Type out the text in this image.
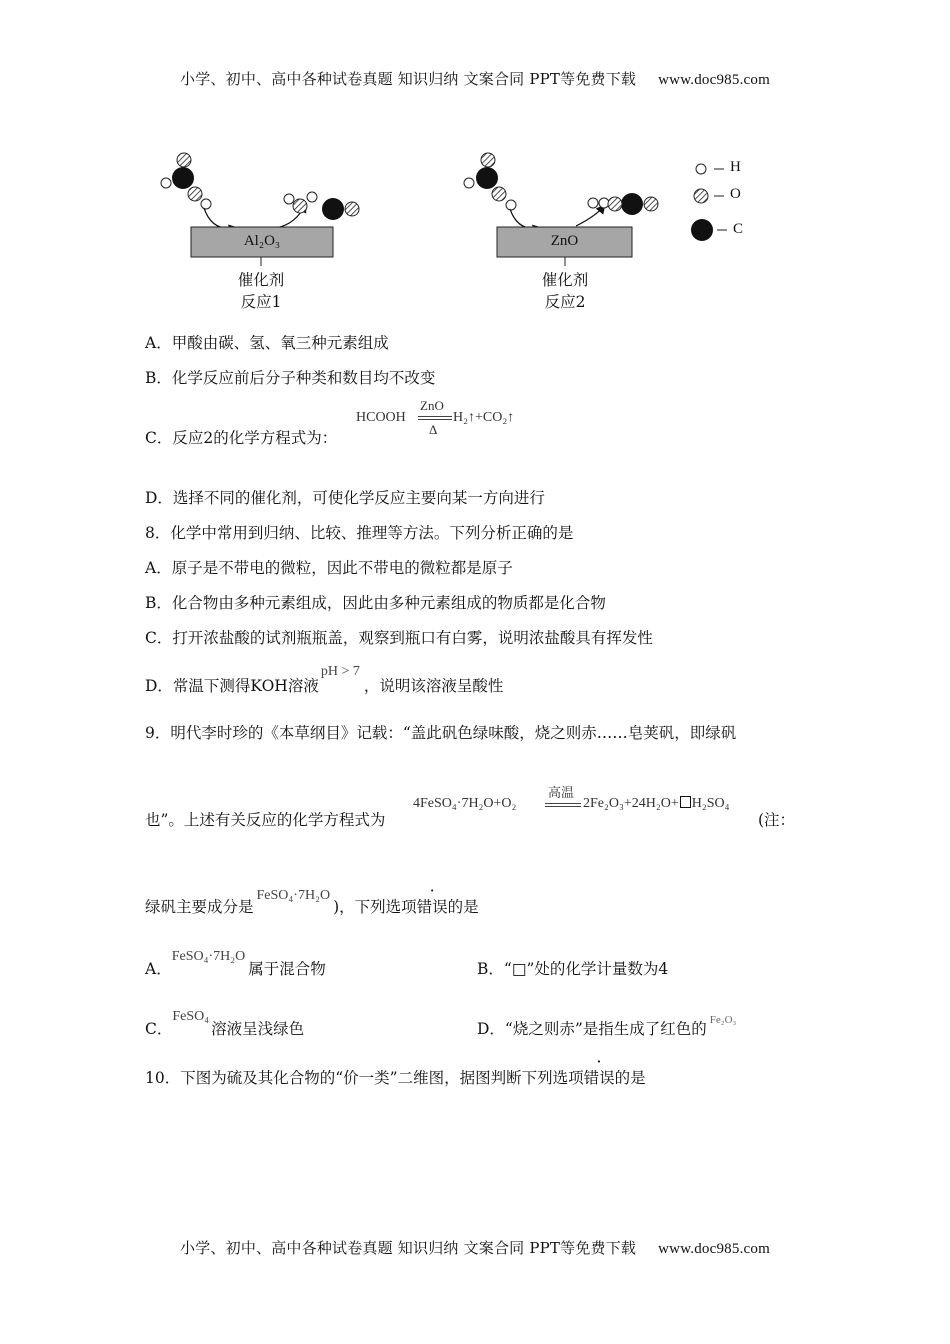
小学、初中、高中各种试卷真题 知识归纳 文案合同 PPT等免费下载 www.doc985.com
Al₂O₃	ZnO
催化剂
反应1
催化剂
反应2
H
O
C
A．甲酸由碳、氢、氧三种元素组成
B．化学反应前后分子种类和数目均不改变
C．反应2的化学方程式为：
HCOOH
ZnO
Δ
H₂↑+CO₂↑
D．选择不同的催化剂，可使化学反应主要向某一方向进行
8．化学中常用到归纳、比较、推理等方法。下列分析正确的是
A．原子是不带电的微粒，因此不带电的微粒都是原子
B．化合物由多种元素组成，因此由多种元素组成的物质都是化合物
C．打开浓盐酸的试剂瓶瓶盖，观察到瓶口有白雾，说明浓盐酸具有挥发性
D．常温下测得KOH溶液pH > 7，说明该溶液呈酸性
9．明代李时珍的《本草纲目》记载：“盖此矾色绿味酸，烧之则赤……皂荚矾，即绿矾
也”。上述有关反应的化学方程式为
4FeSO₄·7H₂O+O₂
高温
2Fe₂O₃+24H₂O+ H₂SO₄
(注：
绿矾主要成分是FeSO₄·7H₂O)，下列选项错误的是
A．FeSO₄·7H₂O属于混合物	B．“□”处的化学计量数为4
C．FeSO₄溶液呈浅绿色	D．“烧之则赤”是指生成了红色的 $^{Fe_2O_3}$
10．下图为硫及其化合物的“价一类”二维图，据图判断下列选项错误的是
小学、初中、高中各种试卷真题 知识归纳 文案合同 PPT等免费下载 www.doc985.com
